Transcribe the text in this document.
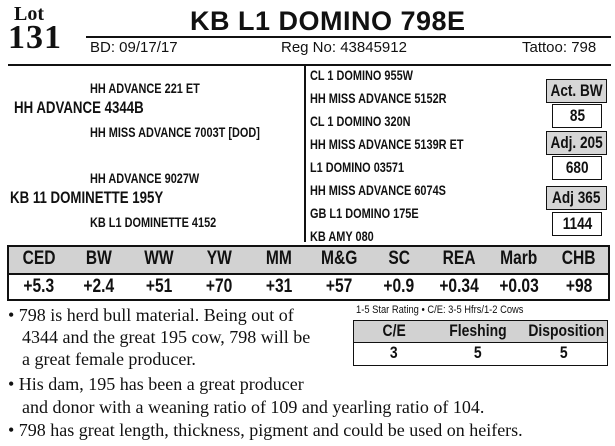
Lot
131	KB L1 DOMINO 798E
BD: 09/17/17	Reg No: 43845912	Tattoo: 798
HH ADVANCE 221 ET
HH ADVANCE 4344B
HH MISS ADVANCE 7003T [DOD]
HH ADVANCE 9027W
KB 11 DOMINETTE 195Y
KB L1 DOMINETTE 4152
CL 1 DOMINO 955W
HH MISS ADVANCE 5152R
CL 1 DOMINO 320N
HH MISS ADVANCE 5139R ET
L1 DOMINO 03571
HH MISS ADVANCE 6074S
GB L1 DOMINO 175E
KB AMY 080
Act. BW
85
Adj. 205
680
Adj 365
1144
CED	BW	WW	YW	MM	M&G	SC	REA	Marb	CHB
+5.3	+2.4	+51	+70	+31	+57	+0.9	+0.34	+0.03	+98
1-5 Star Rating • C/E: 3-5 Hfrs/1-2 Cows
C/E	Fleshing	Disposition
3	5	5
• 798 is herd bull material. Being out of
4344 and the great 195 cow, 798 will be
a great female producer.
• His dam, 195 has been a great producer
and donor with a weaning ratio of 109 and yearling ratio of 104.
• 798 has great length, thickness, pigment and could be used on heifers.
